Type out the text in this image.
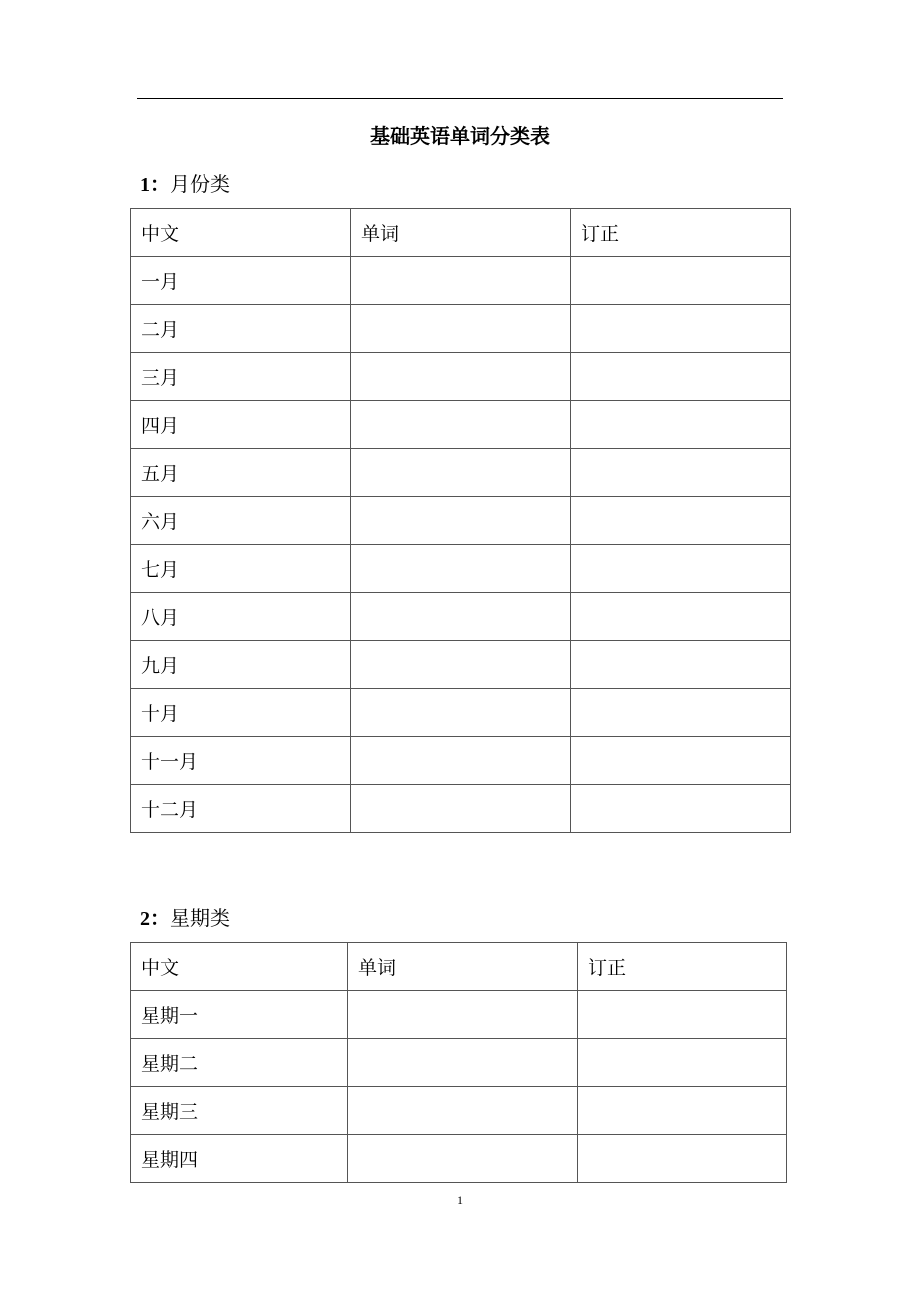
基础英语单词分类表
1：月份类
中文	单词	订正
一月		
二月		
三月		
四月		
五月		
六月		
七月		
八月		
九月		
十月		
十一月		
十二月		
2：星期类
中文	单词	订正
星期一		
星期二		
星期三		
星期四		
1
